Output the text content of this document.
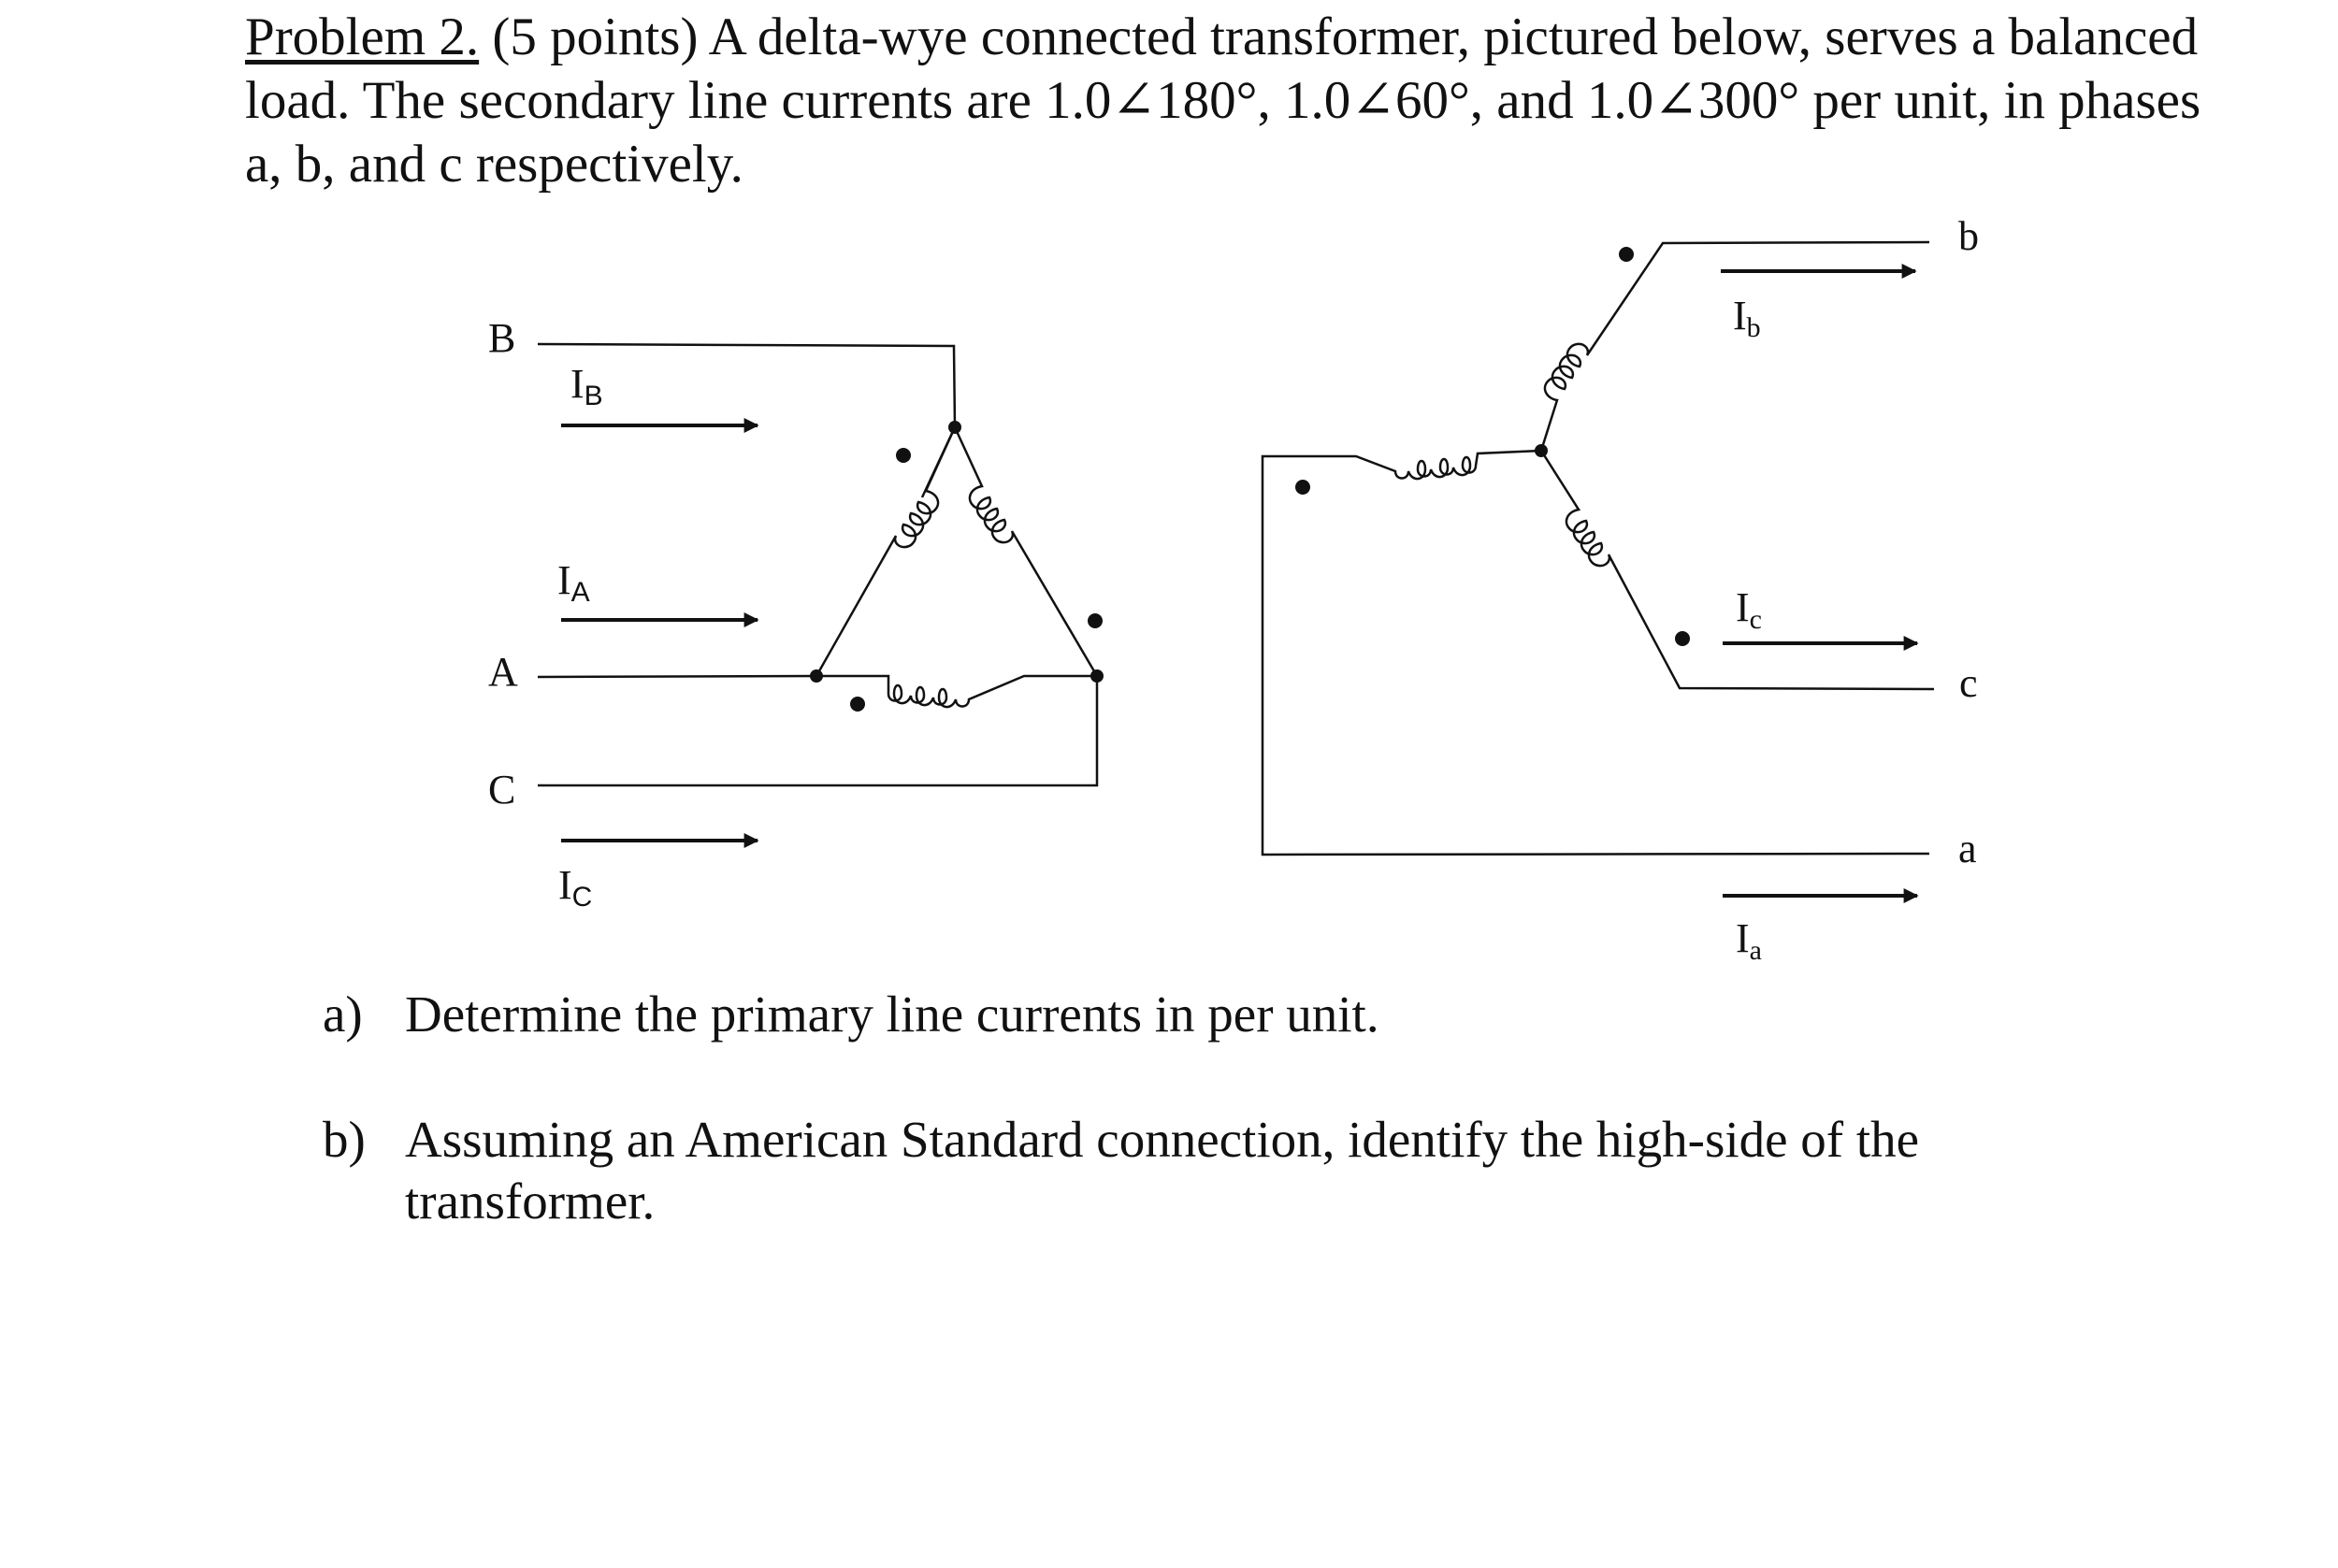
Problem 2. (5 points) A delta-wye connected transformer, pictured below, serves a balanced load. The secondary line currents are 1.0∠180°, 1.0∠60°, and 1.0∠300° per unit, in phases a, b, and c respectively.
B
A
C
IB
IA
IC
b
c
a
Ib
Ic
Ia
a) Determine the primary line currents in per unit.
b) Assuming an American Standard connection, identify the high-side of the transformer.
